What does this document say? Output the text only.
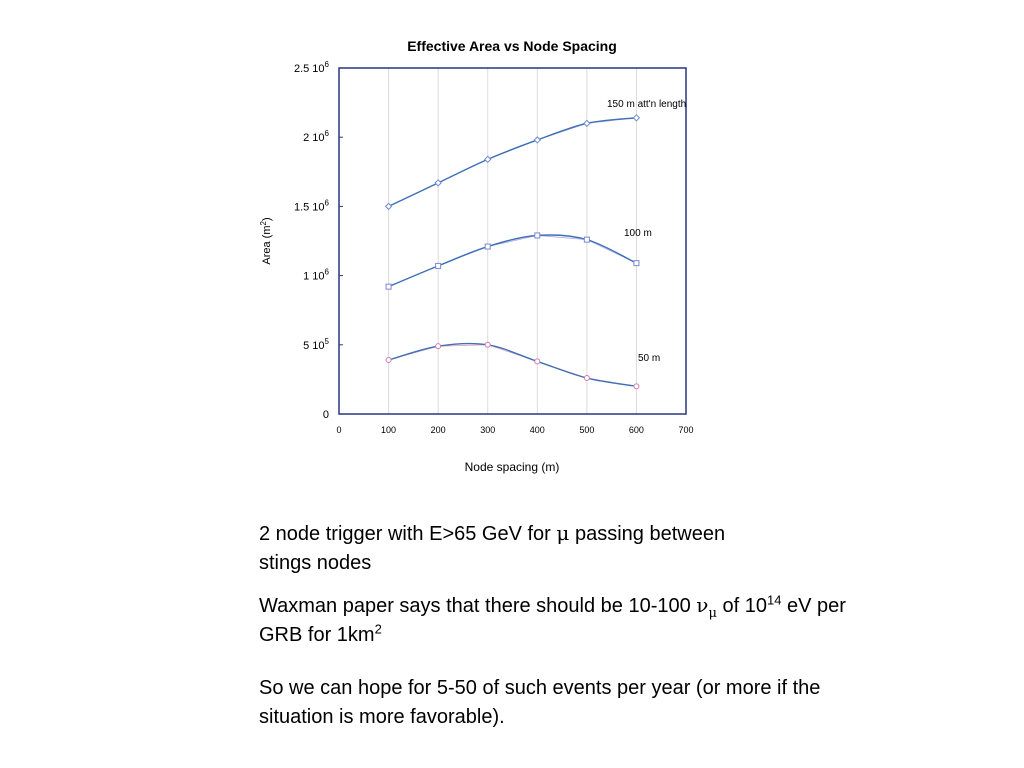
0
5 $10^5$
1 $10^6$
1.5 $10^6$
2 $10^6$
2.5 $10^6$
0	100	200	300	400	500	600	700
Effective Area vs Node Spacing
Node spacing (m)
Area $(m^2)$
150 m att'n length
100 m
50 m

2 node trigger with E>65 GeV for μ passing between stings nodes

Waxman paper says that there should be 10-100 $\nu_\mu$ of $10^{14}$ eV per GRB for $1km^2$

So we can hope for 5-50 of such events per year (or more if the situation is more favorable).
